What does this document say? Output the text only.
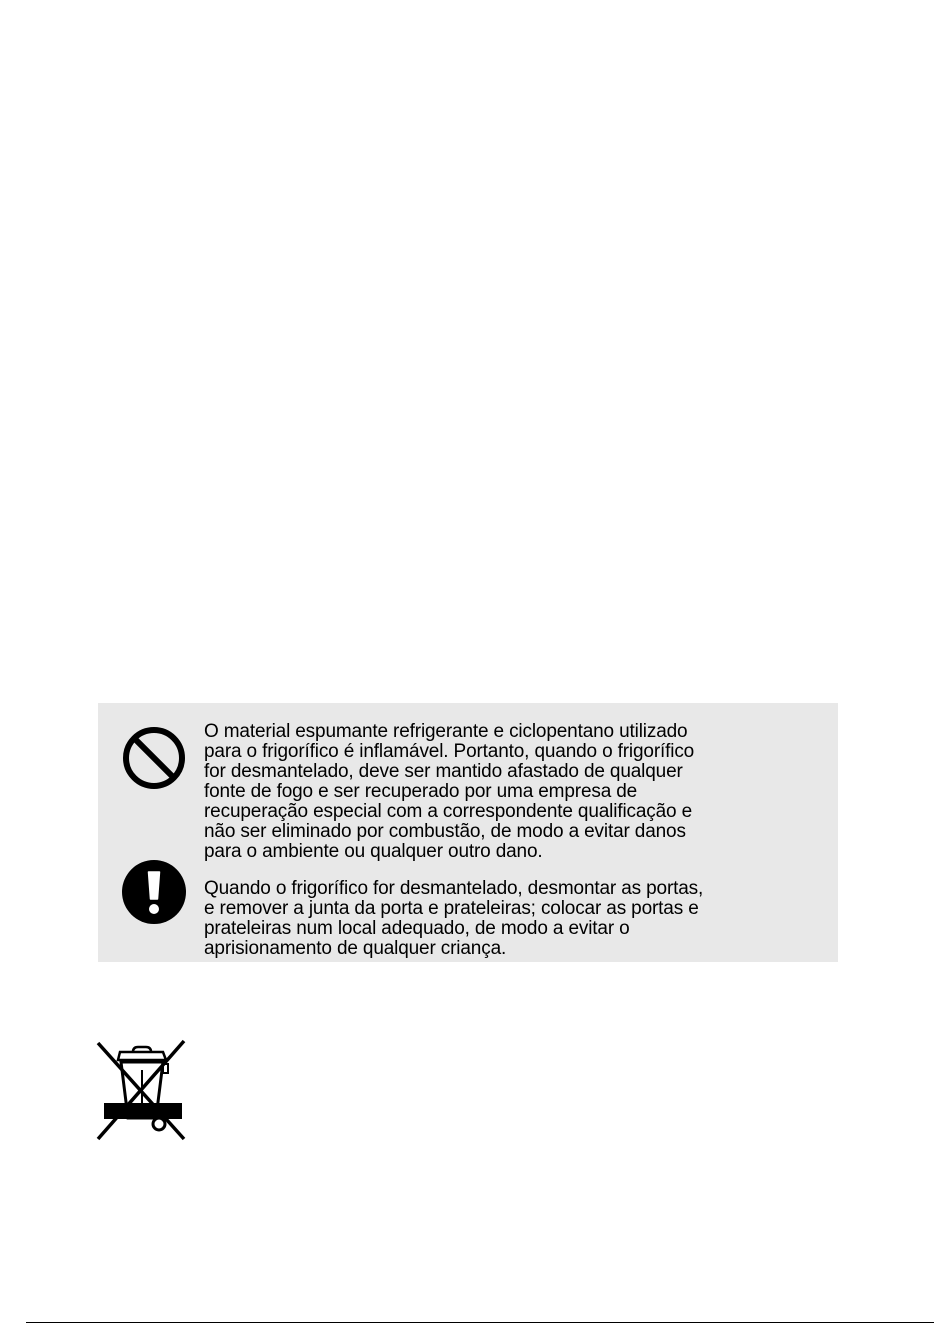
O material espumante refrigerante e ciclopentano utilizado
para o frigorífico é inflamável. Portanto, quando o frigorífico
for desmantelado, deve ser mantido afastado de qualquer
fonte de fogo e ser recuperado por uma empresa de
recuperação especial com a correspondente qualificação e
não ser eliminado por combustão, de modo a evitar danos
para o ambiente ou qualquer outro dano.

Quando o frigorífico for desmantelado, desmontar as portas,
e remover a junta da porta e prateleiras; colocar as portas e
prateleiras num local adequado, de modo a evitar o
aprisionamento de qualquer criança.
